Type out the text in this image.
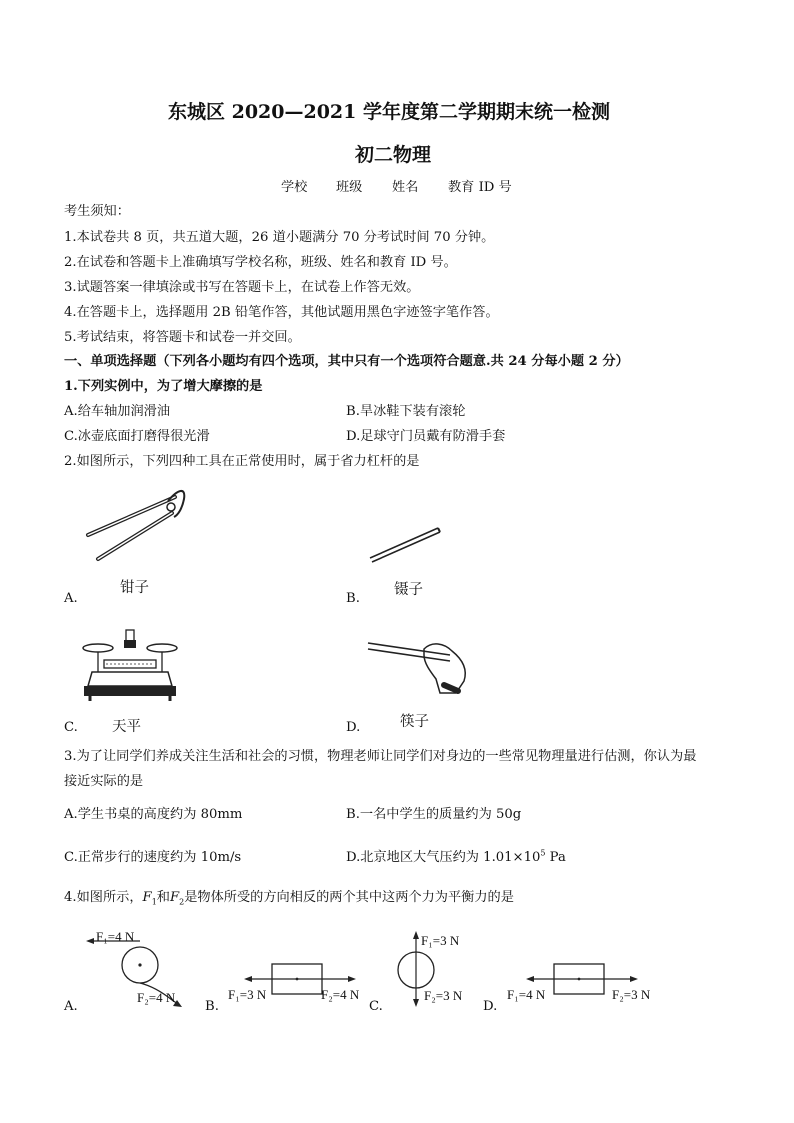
东城区 2020—2021 学年度第二学期期末统一检测
初二物理
学校 班级 姓名 教育 ID 号
考生须知：
1.本试卷共 8 页，共五道大题，26 道小题满分 70 分考试时间 70 分钟。
2.在试卷和答题卡上准确填写学校名称，班级、姓名和教育 ID 号。
3.试题答案一律填涂或书写在答题卡上，在试卷上作答无效。
4.在答题卡上，选择题用 2B 铅笔作答，其他试题用黑色字迹签字笔作答。
5.考试结束，将答题卡和试卷一并交回。
一、单项选择题（下列各小题均有四个选项，其中只有一个选项符合题意.共 24 分每小题 2 分）
1.下列实例中，为了增大摩擦的是
A.给车轴加润滑油	B.旱冰鞋下装有滚轮
C.冰壶底面打磨得很光滑	D.足球守门员戴有防滑手套
2.如图所示，下列四种工具在正常使用时，属于省力杠杆的是
钳子
A.
镊子
B.
天平
C.	筷子
D.
3.为了让同学们养成关注生活和社会的习惯，物理老师让同学们对身边的一些常见物理量进行估测，你认为最
接近实际的是
A.学生书桌的高度约为 80mm	B.一名中学生的质量约为 50g
C.正常步行的速度约为 10m/s	D.北京地区大气压约为 $1.01\times 10^5$ Pa
4.如图所示，$F_1$和$F_2$是物体所受的方向相反的两个其中这两个力为平衡力的是
F₁=4 N
F₂=4 N
A.
F₁=3 N	F₂=4 N
B.
F₁=3 N
F₂=3 N
C.
F₁=4 N	F₂=3 N
D.
